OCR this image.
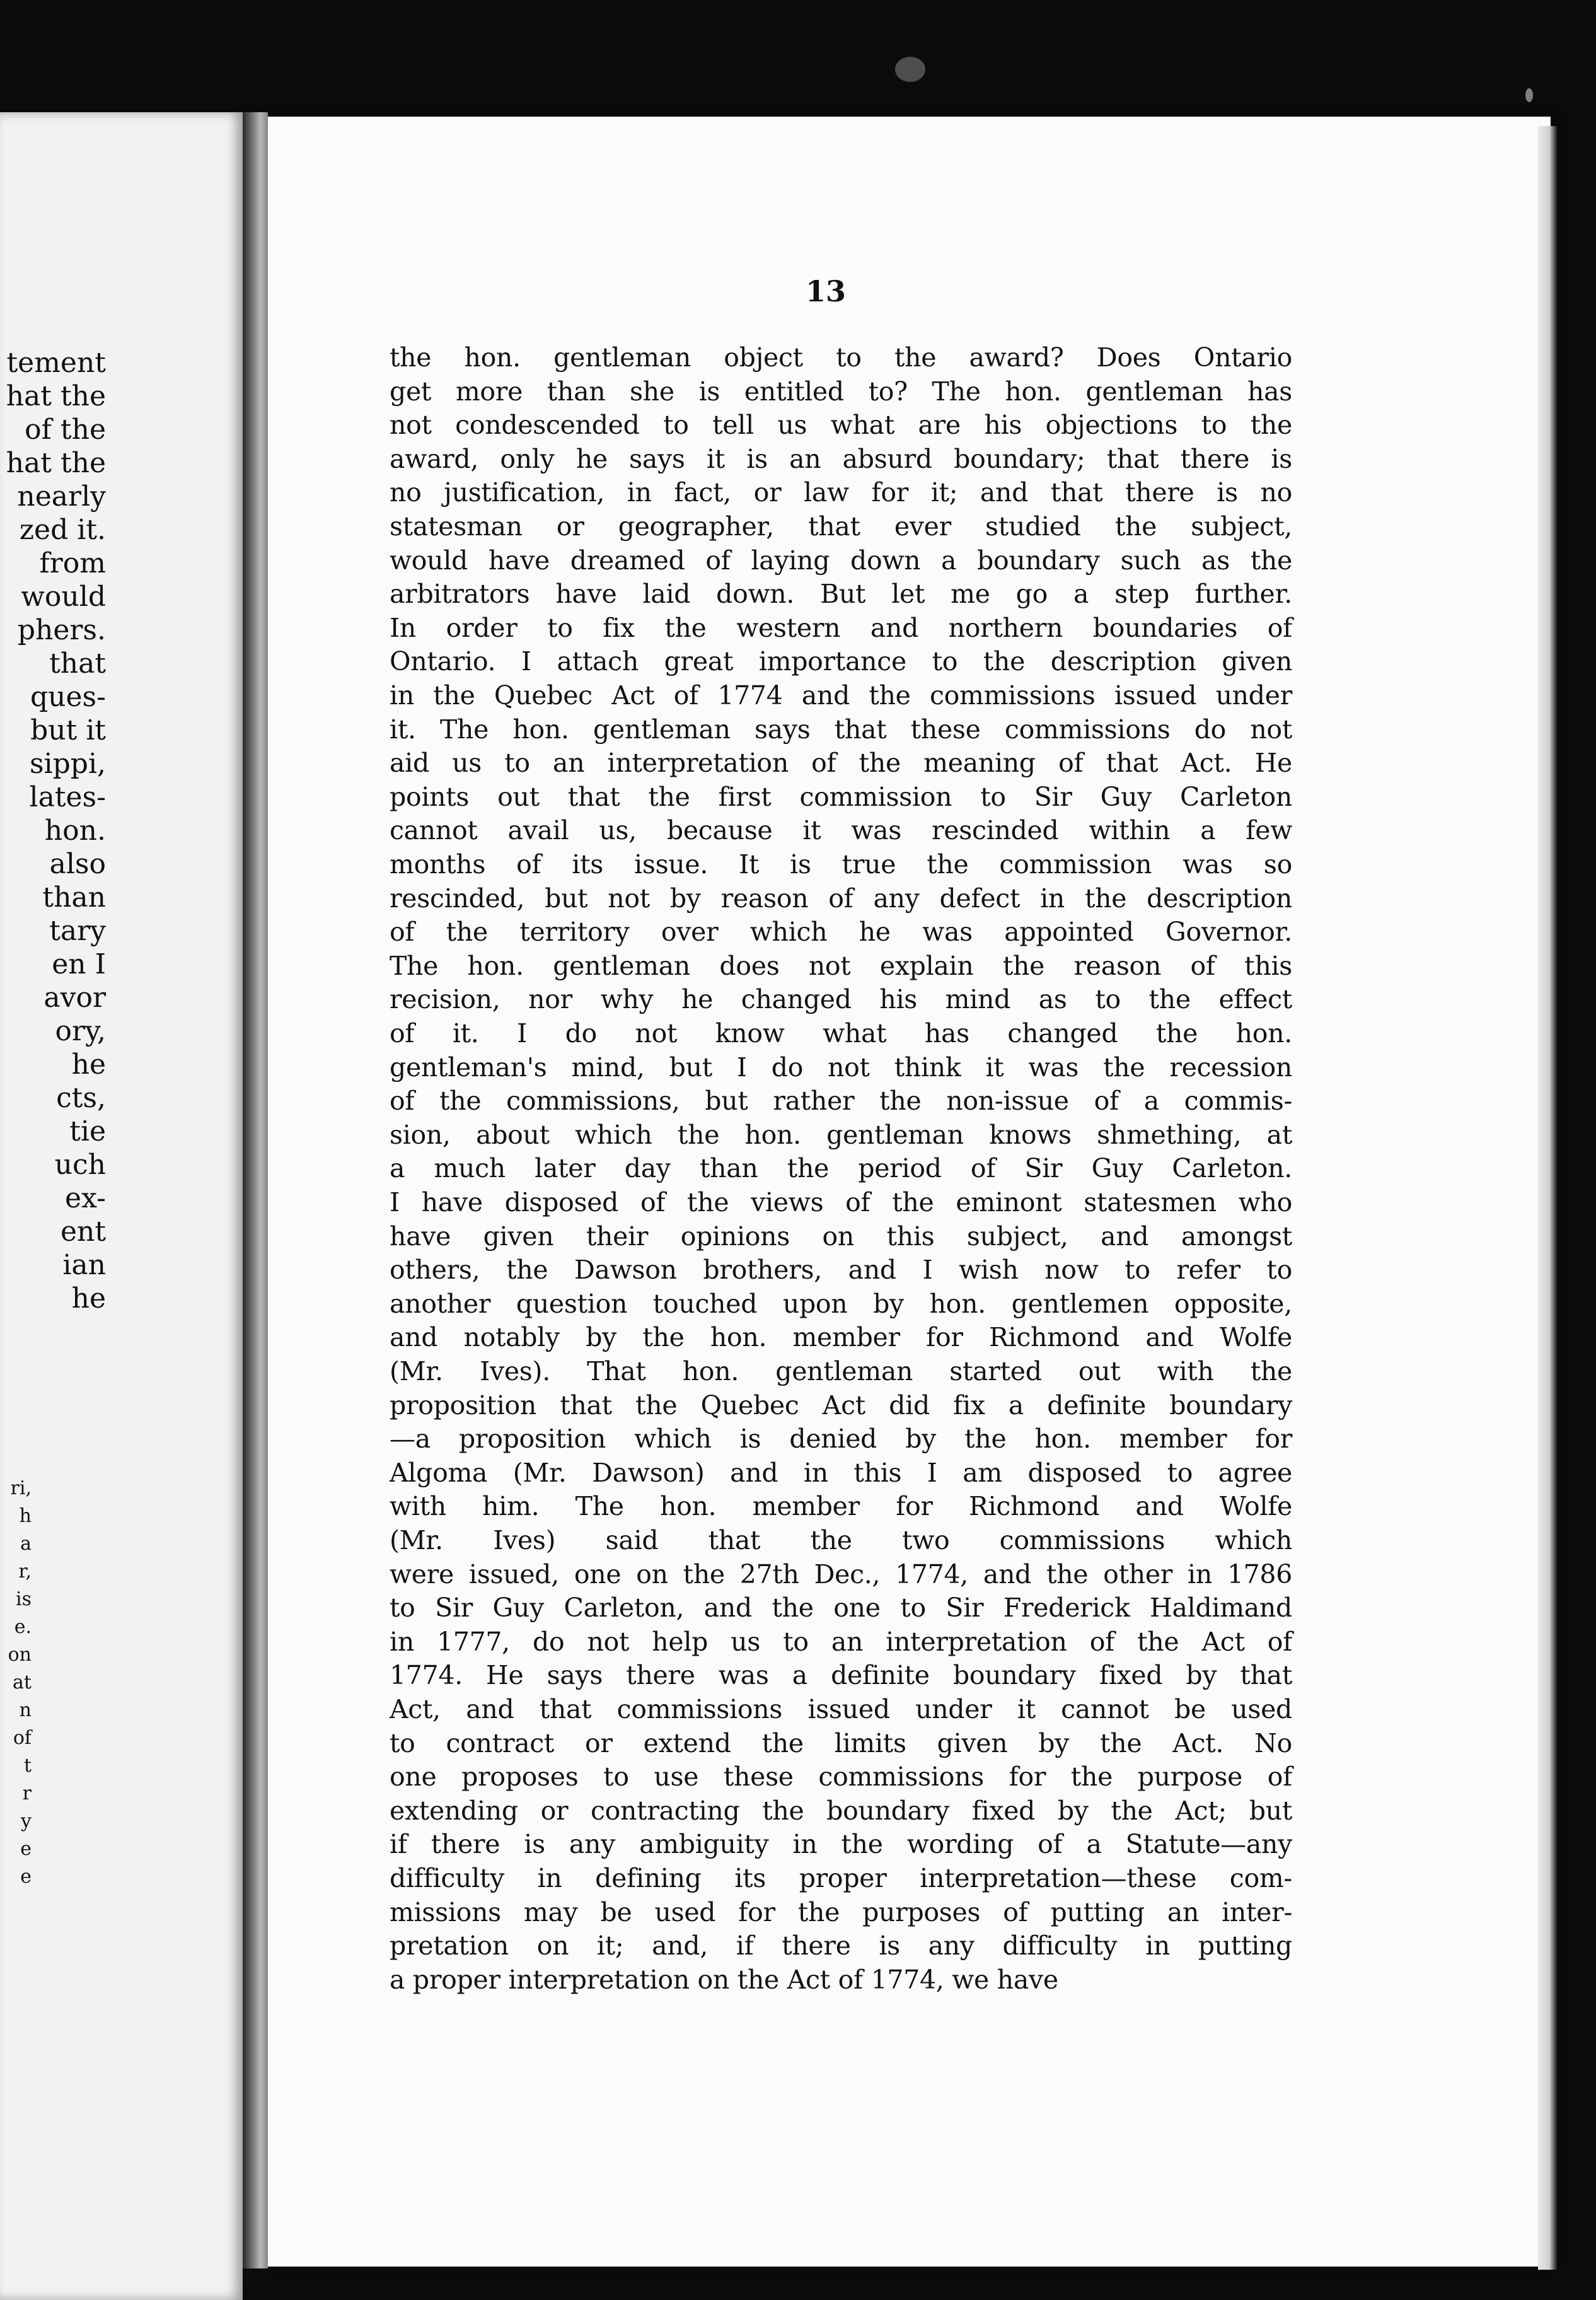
tement
hat the
of the
hat the
nearly
zed it.
from
would
phers.
that
ques-
but it
sippi,
lates-
hon.
also
than
tary
en I
avor
ory,
he
cts,
tie
uch
ex-
ent
ian
he
ri,
h
a
r,
is
e.
on
at
n
of
t
r
y
e
e
13
the hon. gentleman object to the award? Does Ontario
get more than she is entitled to? The hon. gentleman has
not condescended to tell us what are his objections to the
award, only he says it is an absurd boundary; that there is
no justification, in fact, or law for it; and that there is no
statesman or geographer, that ever studied the subject,
would have dreamed of laying down a boundary such as the
arbitrators have laid down. But let me go a step further.
In order to fix the western and northern boundaries of
Ontario. I attach great importance to the description given
in the Quebec Act of 1774 and the commissions issued under
it. The hon. gentleman says that these commissions do not
aid us to an interpretation of the meaning of that Act. He
points out that the first commission to Sir Guy Carleton
cannot avail us, because it was rescinded within a few
months of its issue. It is true the commission was so
rescinded, but not by reason of any defect in the description
of the territory over which he was appointed Governor.
The hon. gentleman does not explain the reason of this
recision, nor why he changed his mind as to the effect
of it. I do not know what has changed the hon.
gentleman's mind, but I do not think it was the recession
of the commissions, but rather the non-issue of a commis-
sion, about which the hon. gentleman knows shmething, at
a much later day than the period of Sir Guy Carleton.
I have disposed of the views of the eminont statesmen who
have given their opinions on this subject, and amongst
others, the Dawson brothers, and I wish now to refer to
another question touched upon by hon. gentlemen opposite,
and notably by the hon. member for Richmond and Wolfe
(Mr. Ives). That hon. gentleman started out with the
proposition that the Quebec Act did fix a definite boundary
—a proposition which is denied by the hon. member for
Algoma (Mr. Dawson) and in this I am disposed to agree
with him. The hon. member for Richmond and Wolfe
(Mr. Ives) said that the two commissions which
were issued, one on the 27th Dec., 1774, and the other in 1786
to Sir Guy Carleton, and the one to Sir Frederick Haldimand
in 1777, do not help us to an interpretation of the Act of
1774. He says there was a definite boundary fixed by that
Act, and that commissions issued under it cannot be used
to contract or extend the limits given by the Act. No
one proposes to use these commissions for the purpose of
extending or contracting the boundary fixed by the Act; but
if there is any ambiguity in the wording of a Statute—any
difficulty in defining its proper interpretation—these com-
missions may be used for the purposes of putting an inter-
pretation on it; and, if there is any difficulty in putting
a proper interpretation on the Act of 1774, we have
